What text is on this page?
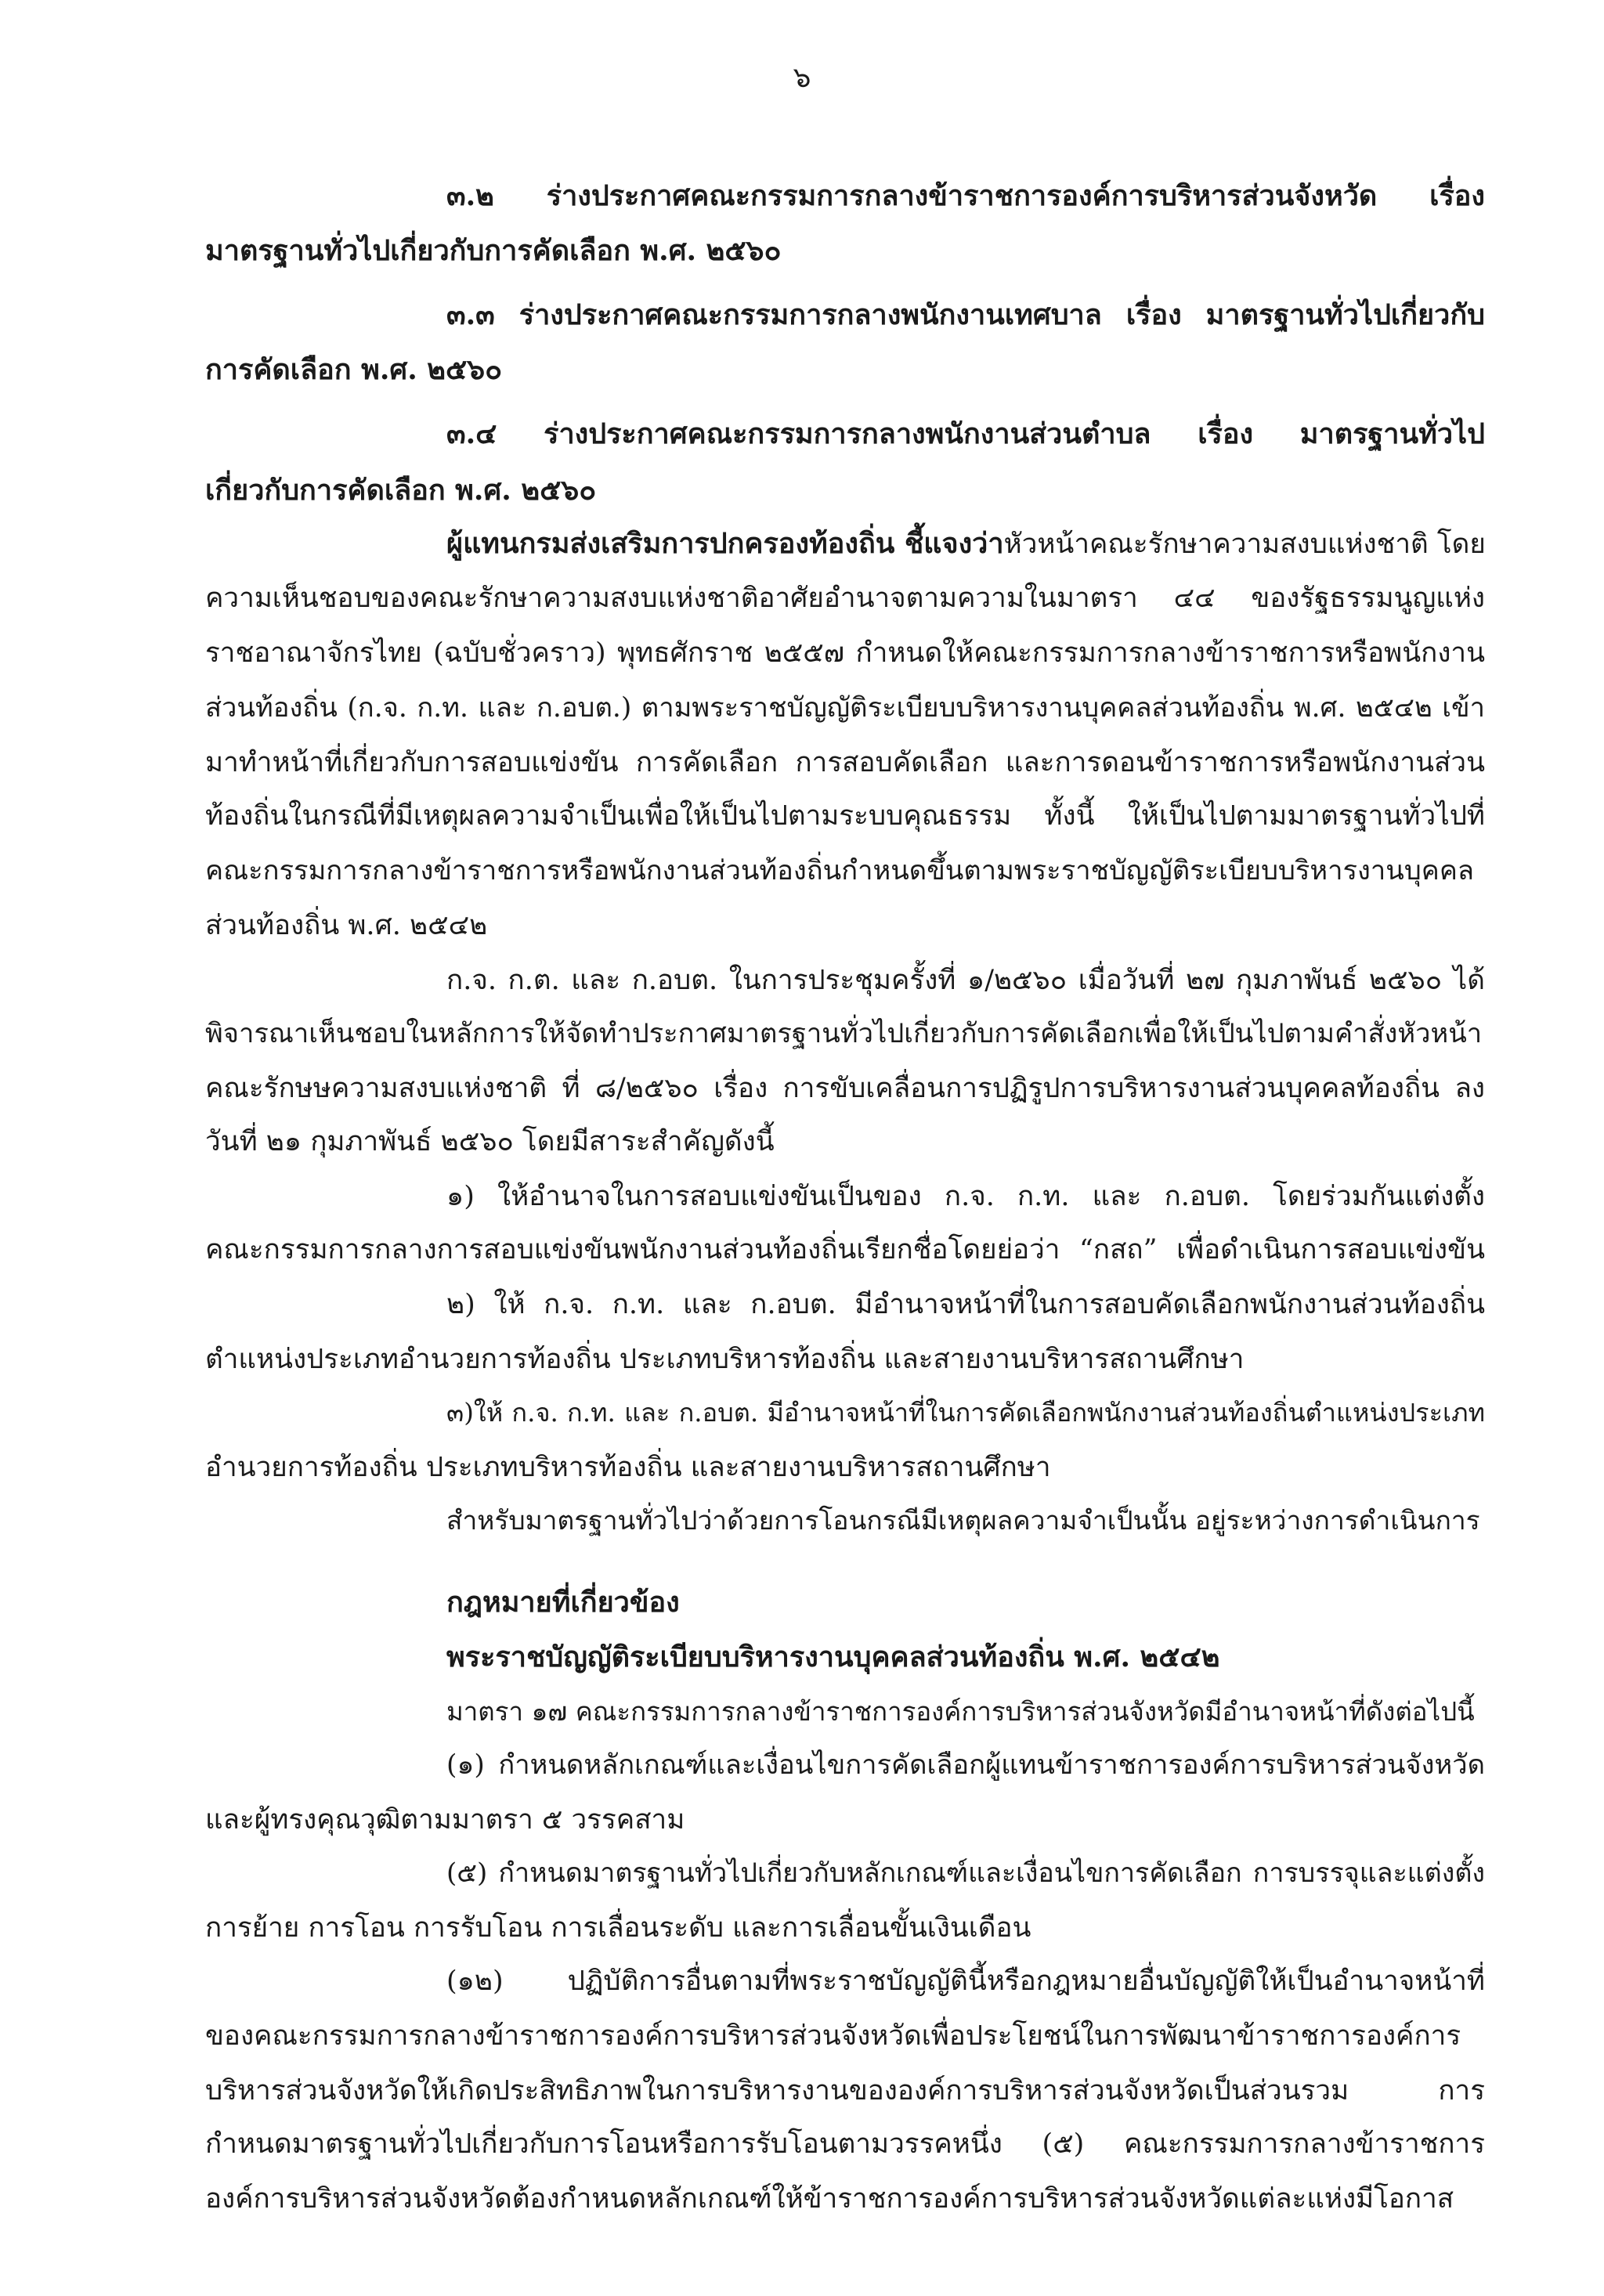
๖
๓.๒ ร่างประกาศคณะกรรมการกลางข้าราชการองค์การบริหารส่วนจังหวัด เรื่อง
มาตรฐานทั่วไปเกี่ยวกับการคัดเลือก พ.ศ. ๒๕๖๐
๓.๓ ร่างประกาศคณะกรรมการกลางพนักงานเทศบาล เรื่อง มาตรฐานทั่วไปเกี่ยวกับ
การคัดเลือก พ.ศ. ๒๕๖๐
๓.๔ ร่างประกาศคณะกรรมการกลางพนักงานส่วนตำบล เรื่อง มาตรฐานทั่วไป
เกี่ยวกับการคัดเลือก พ.ศ. ๒๕๖๐
ผู้แทนกรมส่งเสริมการปกครองท้องถิ่น ชี้แจงว่าหัวหน้าคณะรักษาความสงบแห่งชาติ โดย
ความเห็นชอบของคณะรักษาความสงบแห่งชาติอาศัยอำนาจตามความในมาตรา ๔๔ ของรัฐธรรมนูญแห่ง
ราชอาณาจักรไทย (ฉบับชั่วคราว) พุทธศักราช ๒๕๕๗ กำหนดให้คณะกรรมการกลางข้าราชการหรือพนักงาน
ส่วนท้องถิ่น (ก.จ. ก.ท. และ ก.อบต.) ตามพระราชบัญญัติระเบียบบริหารงานบุคคลส่วนท้องถิ่น พ.ศ. ๒๕๔๒ เข้า
มาทำหน้าที่เกี่ยวกับการสอบแข่งขัน การคัดเลือก การสอบคัดเลือก และการดอนข้าราชการหรือพนักงานส่วน
ท้องถิ่นในกรณีที่มีเหตุผลความจำเป็นเพื่อให้เป็นไปตามระบบคุณธรรม ทั้งนี้ ให้เป็นไปตามมาตรฐานทั่วไปที่
คณะกรรมการกลางข้าราชการหรือพนักงานส่วนท้องถิ่นกำหนดขึ้นตามพระราชบัญญัติระเบียบบริหารงานบุคคล
ส่วนท้องถิ่น พ.ศ. ๒๕๔๒
ก.จ. ก.ต. และ ก.อบต. ในการประชุมครั้งที่ ๑/๒๕๖๐ เมื่อวันที่ ๒๗ กุมภาพันธ์ ๒๕๖๐ ได้
พิจารณาเห็นชอบในหลักการให้จัดทำประกาศมาตรฐานทั่วไปเกี่ยวกับการคัดเลือกเพื่อให้เป็นไปตามคำสั่งหัวหน้า
คณะรักษษความสงบแห่งชาติ ที่ ๘/๒๕๖๐ เรื่อง การขับเคลื่อนการปฏิรูปการบริหารงานส่วนบุคคลท้องถิ่น ลง
วันที่ ๒๑ กุมภาพันธ์ ๒๕๖๐ โดยมีสาระสำคัญดังนี้
๑) ให้อำนาจในการสอบแข่งขันเป็นของ ก.จ. ก.ท. และ ก.อบต. โดยร่วมกันแต่งตั้ง
คณะกรรมการกลางการสอบแข่งขันพนักงานส่วนท้องถิ่นเรียกชื่อโดยย่อว่า “กสถ” เพื่อดำเนินการสอบแข่งขัน
๒) ให้ ก.จ. ก.ท. และ ก.อบต. มีอำนาจหน้าที่ในการสอบคัดเลือกพนักงานส่วนท้องถิ่น
ตำแหน่งประเภทอำนวยการท้องถิ่น ประเภทบริหารท้องถิ่น และสายงานบริหารสถานศึกษา
๓)ให้ ก.จ. ก.ท. และ ก.อบต. มีอำนาจหน้าที่ในการคัดเลือกพนักงานส่วนท้องถิ่นตำแหน่งประเภท
อำนวยการท้องถิ่น ประเภทบริหารท้องถิ่น และสายงานบริหารสถานศึกษา
สำหรับมาตรฐานทั่วไปว่าด้วยการโอนกรณีมีเหตุผลความจำเป็นนั้น อยู่ระหว่างการดำเนินการ
กฎหมายที่เกี่ยวข้อง
พระราชบัญญัติระเบียบบริหารงานบุคคลส่วนท้องถิ่น พ.ศ. ๒๕๔๒
มาตรา ๑๗ คณะกรรมการกลางข้าราชการองค์การบริหารส่วนจังหวัดมีอำนาจหน้าที่ดังต่อไปนี้
(๑) กำหนดหลักเกณฑ์และเงื่อนไขการคัดเลือกผู้แทนข้าราชการองค์การบริหารส่วนจังหวัด
และผู้ทรงคุณวุฒิตามมาตรา ๕ วรรคสาม
(๕) กำหนดมาตรฐานทั่วไปเกี่ยวกับหลักเกณฑ์และเงื่อนไขการคัดเลือก การบรรจุและแต่งตั้ง
การย้าย การโอน การรับโอน การเลื่อนระดับ และการเลื่อนขั้นเงินเดือน
(๑๒) ปฏิบัติการอื่นตามที่พระราชบัญญัตินี้หรือกฎหมายอื่นบัญญัติให้เป็นอำนาจหน้าที่
ของคณะกรรมการกลางข้าราชการองค์การบริหารส่วนจังหวัดเพื่อประโยชน์ในการพัฒนาข้าราชการองค์การ
บริหารส่วนจังหวัดให้เกิดประสิทธิภาพในการบริหารงานขององค์การบริหารส่วนจังหวัดเป็นส่วนรวม การ
กำหนดมาตรฐานทั่วไปเกี่ยวกับการโอนหรือการรับโอนตามวรรคหนึ่ง (๕) คณะกรรมการกลางข้าราชการ
องค์การบริหารส่วนจังหวัดต้องกำหนดหลักเกณฑ์ให้ข้าราชการองค์การบริหารส่วนจังหวัดแต่ละแห่งมีโอกาส
